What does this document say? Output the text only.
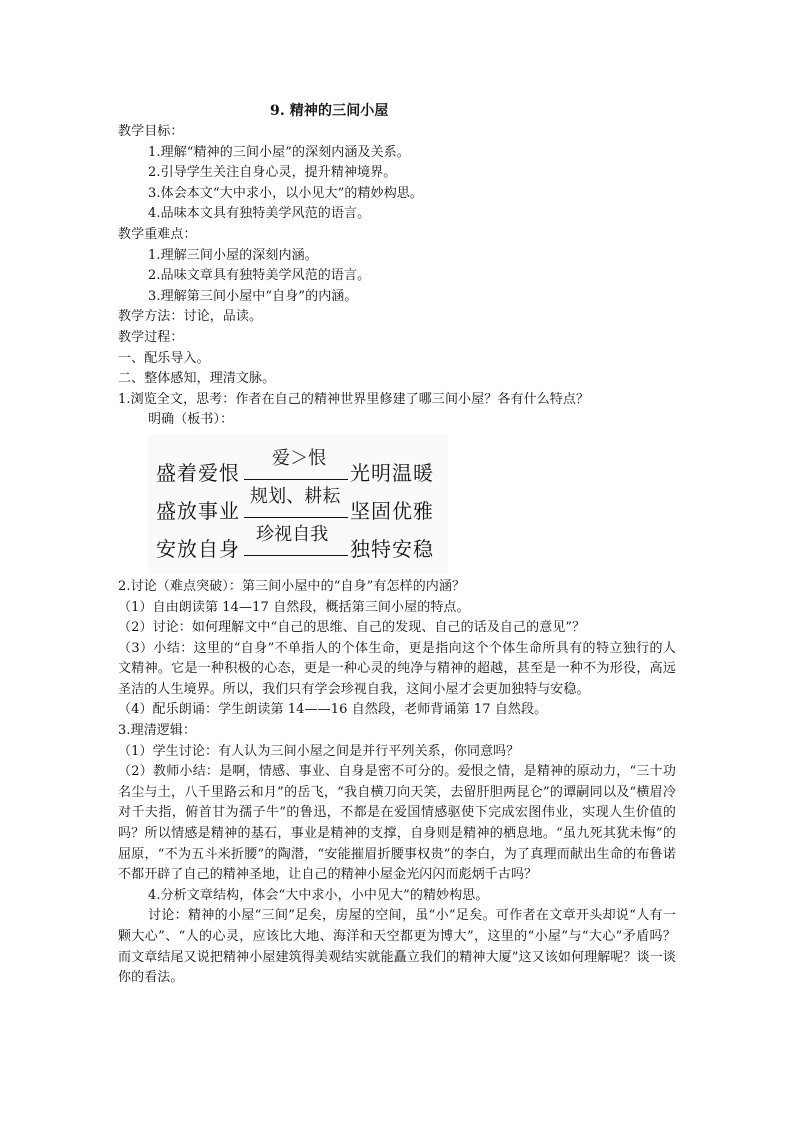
9. 精神的三间小屋
教学目标：
1.理解“精神的三间小屋”的深刻内涵及关系。
2.引导学生关注自身心灵，提升精神境界。
3.体会本文“大中求小，以小见大”的精妙构思。
4.品味本文具有独特美学风范的语言。
教学重难点：
1.理解三间小屋的深刻内涵。
2.品味文章具有独特美学风范的语言。
3.理解第三间小屋中“自身”的内涵。
教学方法：讨论，品读。
教学过程：
一、配乐导入。
二、整体感知，理清文脉。
1.浏览全文，思考：作者在自己的精神世界里修建了哪三间小屋？各有什么特点？
明确（板书）：
盛着爱恨
爱＞恨
光明温暖
盛放事业
规划、耕耘
坚固优雅
安放自身
珍视自我
独特安稳
2.讨论（难点突破）：第三间小屋中的“自身”有怎样的内涵？
（1）自由朗读第 14—17 自然段，概括第三间小屋的特点。
（2）讨论：如何理解文中“自己的思维、自己的发现、自己的话及自己的意见”？
（3）小结：这里的“自身”不单指人的个体生命，更是指向这个个体生命所具有的特立独行的人文精神。它是一种积极的心态，更是一种心灵的纯净与精神的超越，甚至是一种不为形役，高远圣洁的人生境界。所以，我们只有学会珍视自我，这间小屋才会更加独特与安稳。
（4）配乐朗诵：学生朗读第 14——16 自然段，老师背诵第 17 自然段。
3.理清逻辑：
（1）学生讨论：有人认为三间小屋之间是并行平列关系，你同意吗？
（2）教师小结：是啊，情感、事业、自身是密不可分的。爱恨之情，是精神的原动力，“三十功名尘与土，八千里路云和月”的岳飞，“我自横刀向天笑，去留肝胆两昆仑”的谭嗣同以及“横眉冷对千夫指，俯首甘为孺子牛”的鲁迅，不都是在爱国情感驱使下完成宏图伟业，实现人生价值的吗？所以情感是精神的基石，事业是精神的支撑，自身则是精神的栖息地。“虽九死其犹未悔”的屈原，“不为五斗米折腰”的陶潜，“安能摧眉折腰事权贵”的李白，为了真理而献出生命的布鲁诺不都开辟了自己的精神圣地，让自己的精神小屋金光闪闪而彪炳千古吗？
4.分析文章结构，体会“大中求小，小中见大”的精妙构思。
讨论：精神的小屋“三间”足矣，房屋的空间，虽“小”足矣。可作者在文章开头却说“人有一颗大心”、“人的心灵，应该比大地、海洋和天空都更为博大”，这里的“小屋”与“大心”矛盾吗？而文章结尾又说把精神小屋建筑得美观结实就能矗立我们的精神大厦”这又该如何理解呢？谈一谈你的看法。
